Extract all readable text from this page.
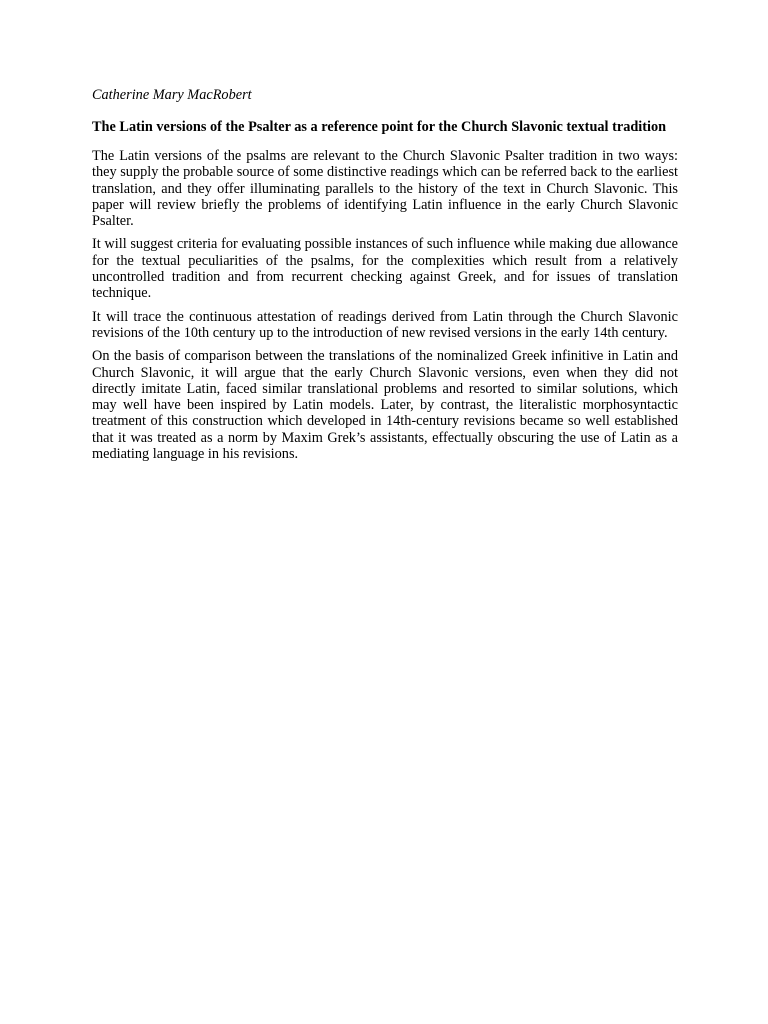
Catherine Mary MacRobert

The Latin versions of the Psalter as a reference point for the Church Slavonic textual tradition

The Latin versions of the psalms are relevant to the Church Slavonic Psalter tradition in two ways: they supply the probable source of some distinctive readings which can be referred back to the earliest translation, and they offer illuminating parallels to the history of the text in Church Slavonic. This paper will review briefly the problems of identifying Latin influence in the early Church Slavonic Psalter.

It will suggest criteria for evaluating possible instances of such influence while making due allowance for the textual peculiarities of the psalms, for the complexities which result from a relatively uncontrolled tradition and from recurrent checking against Greek, and for issues of translation technique.

It will trace the continuous attestation of readings derived from Latin through the Church Slavonic revisions of the 10th century up to the introduction of new revised versions in the early 14th century.

On the basis of comparison between the translations of the nominalized Greek infinitive in Latin and Church Slavonic, it will argue that the early Church Slavonic versions, even when they did not directly imitate Latin, faced similar translational problems and resorted to similar solutions, which may well have been inspired by Latin models. Later, by contrast, the literalistic morphosyntactic treatment of this construction which developed in 14th-century revisions became so well established that it was treated as a norm by Maxim Grek’s assistants, effectually obscuring the use of Latin as a mediating language in his revisions.
